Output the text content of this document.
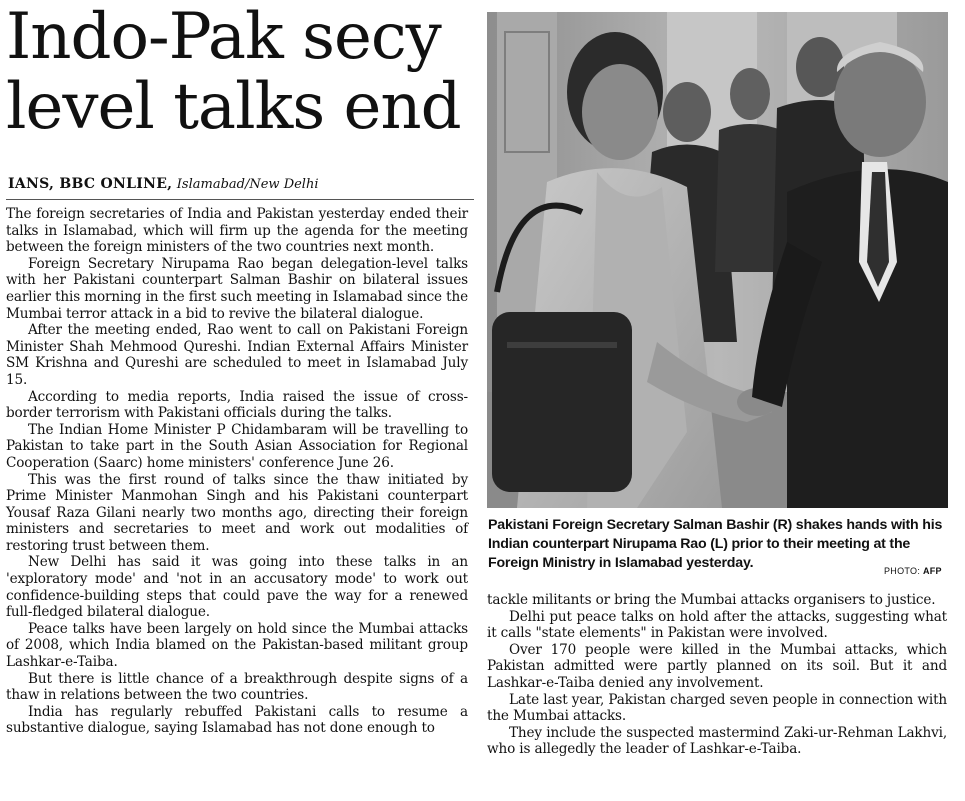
Indo-Pak secy
level talks end
IANS, BBC ONLINE, Islamabad/New Delhi

The foreign secretaries of India and Pakistan yesterday ended their talks in Islamabad, which will firm up the agenda for the meeting between the foreign ministers of the two countries next month.

Foreign Secretary Nirupama Rao began delegation-level talks with her Pakistani counterpart Salman Bashir on bilateral issues earlier this morning in the first such meeting in Islamabad since the Mumbai terror attack in a bid to revive the bilateral dialogue.

After the meeting ended, Rao went to call on Pakistani Foreign Minister Shah Mehmood Qureshi. Indian External Affairs Minister SM Krishna and Qureshi are scheduled to meet in Islamabad July 15.

According to media reports, India raised the issue of cross-border terrorism with Pakistani officials during the talks.

The Indian Home Minister P Chidambaram will be travelling to Pakistan to take part in the South Asian Association for Regional Cooperation (Saarc) home ministers' conference June 26.

This was the first round of talks since the thaw initiated by Prime Minister Manmohan Singh and his Pakistani counterpart Yousaf Raza Gilani nearly two months ago, directing their foreign ministers and secretaries to meet and work out modalities of restoring trust between them.

New Delhi has said it was going into these talks in an 'exploratory mode' and 'not in an accusatory mode' to work out confidence-building steps that could pave the way for a renewed full-fledged bilateral dialogue.

Peace talks have been largely on hold since the Mumbai attacks of 2008, which India blamed on the Pakistan-based militant group Lashkar-e-Taiba.

But there is little chance of a breakthrough despite signs of a thaw in relations between the two countries.

India has regularly rebuffed Pakistani calls to resume a substantive dialogue, saying Islamabad has not done enough to

Pakistani Foreign Secretary Salman Bashir (R) shakes hands with his Indian counterpart Nirupama Rao (L) prior to their meeting at the Foreign Ministry in Islamabad yesterday.	PHOTO: AFP

tackle militants or bring the Mumbai attacks organisers to justice.

Delhi put peace talks on hold after the attacks, suggesting what it calls "state elements" in Pakistan were involved.

Over 170 people were killed in the Mumbai attacks, which Pakistan admitted were partly planned on its soil. But it and Lashkar-e-Taiba denied any involvement.

Late last year, Pakistan charged seven people in connection with the Mumbai attacks.

They include the suspected mastermind Zaki-ur-Rehman Lakhvi, who is allegedly the leader of Lashkar-e-Taiba.
